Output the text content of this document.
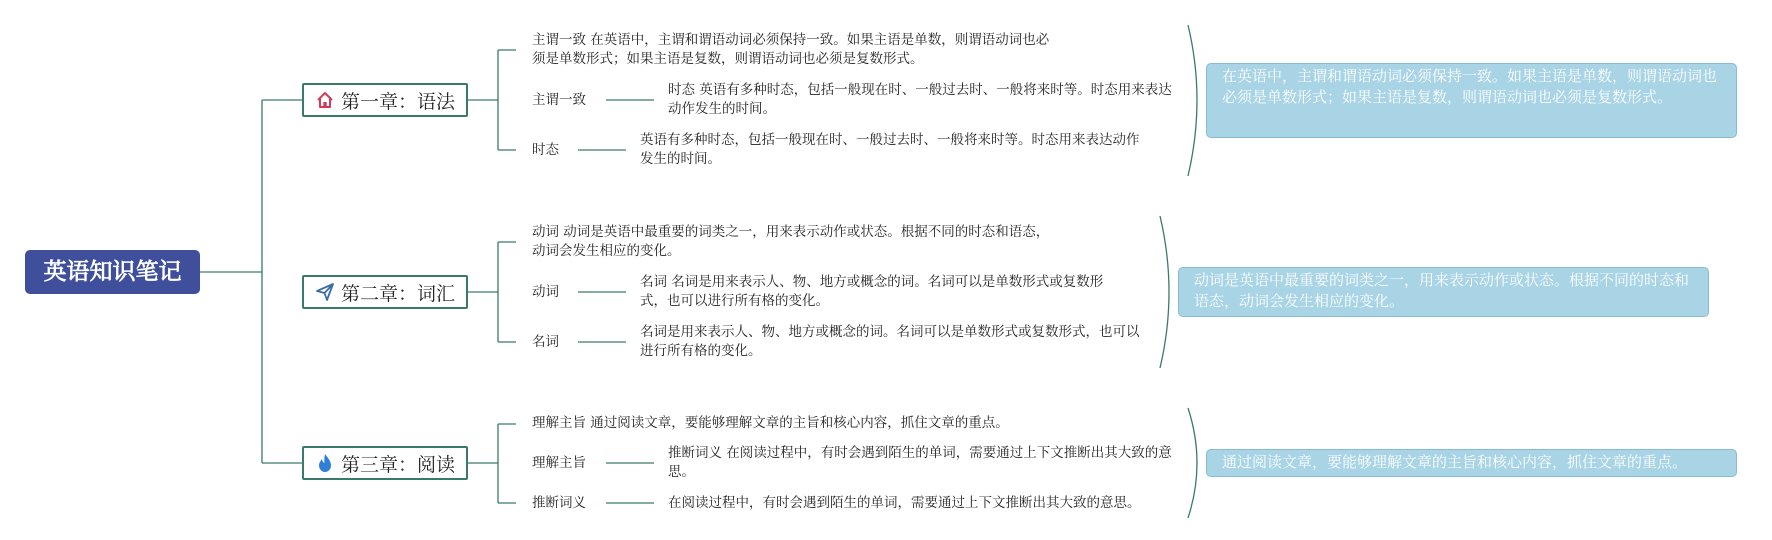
英语知识笔记
第一章：语法
主谓一致 在英语中，主谓和谓语动词必须保持一致。如果主语是单数，则谓语动词也必须是单数形式；如果主语是复数，则谓语动词也必须是复数形式。
主谓一致
时态 英语有多种时态，包括一般现在时、一般过去时、一般将来时等。时态用来表达动作发生的时间。
时态
英语有多种时态，包括一般现在时、一般过去时、一般将来时等。时态用来表达动作发生的时间。
在英语中，主谓和谓语动词必须保持一致。如果主语是单数，则谓语动词也必须是单数形式；如果主语是复数，则谓语动词也必须是复数形式。
第二章：词汇
动词 动词是英语中最重要的词类之一，用来表示动作或状态。根据不同的时态和语态，动词会发生相应的变化。
动词
名词 名词是用来表示人、物、地方或概念的词。名词可以是单数形式或复数形式，也可以进行所有格的变化。
名词
名词是用来表示人、物、地方或概念的词。名词可以是单数形式或复数形式，也可以进行所有格的变化。
动词是英语中最重要的词类之一，用来表示动作或状态。根据不同的时态和语态，动词会发生相应的变化。
第三章：阅读
理解主旨 通过阅读文章，要能够理解文章的主旨和核心内容，抓住文章的重点。
理解主旨
推断词义 在阅读过程中，有时会遇到陌生的单词，需要通过上下文推断出其大致的意思。
推断词义	在阅读过程中，有时会遇到陌生的单词，需要通过上下文推断出其大致的意思。
通过阅读文章，要能够理解文章的主旨和核心内容，抓住文章的重点。
